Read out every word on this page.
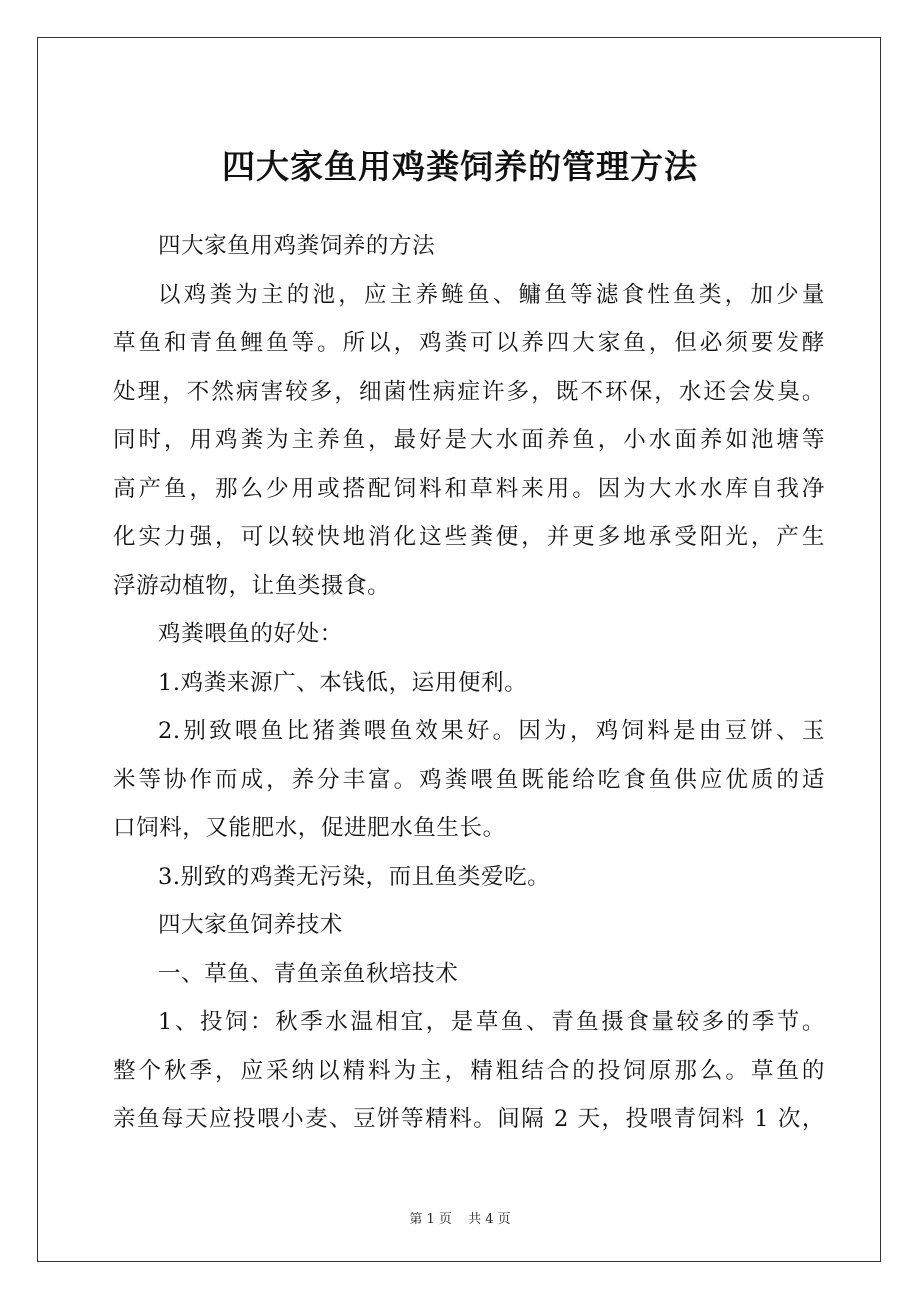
四大家鱼用鸡粪饲养的管理方法
四大家鱼用鸡粪饲养的方法
以鸡粪为主的池，应主养鲢鱼、鳙鱼等滤食性鱼类，加少量
草鱼和青鱼鲤鱼等。所以，鸡粪可以养四大家鱼，但必须要发酵
处理，不然病害较多，细菌性病症许多，既不环保，水还会发臭。
同时，用鸡粪为主养鱼，最好是大水面养鱼，小水面养如池塘等
高产鱼，那么少用或搭配饲料和草料来用。因为大水水库自我净
化实力强，可以较快地消化这些粪便，并更多地承受阳光，产生
浮游动植物，让鱼类摄食。
鸡粪喂鱼的好处：
1.鸡粪来源广、本钱低，运用便利。
2.别致喂鱼比猪粪喂鱼效果好。因为，鸡饲料是由豆饼、玉
米等协作而成，养分丰富。鸡粪喂鱼既能给吃食鱼供应优质的适
口饲料，又能肥水，促进肥水鱼生长。
3.别致的鸡粪无污染，而且鱼类爱吃。
四大家鱼饲养技术
一、草鱼、青鱼亲鱼秋培技术
1、投饲：秋季水温相宜，是草鱼、青鱼摄食量较多的季节。
整个秋季，应采纳以精料为主，精粗结合的投饲原那么。草鱼的
亲鱼每天应投喂小麦、豆饼等精料。间隔 2 天，投喂青饲料 1 次，
第 1 页 共 4 页
